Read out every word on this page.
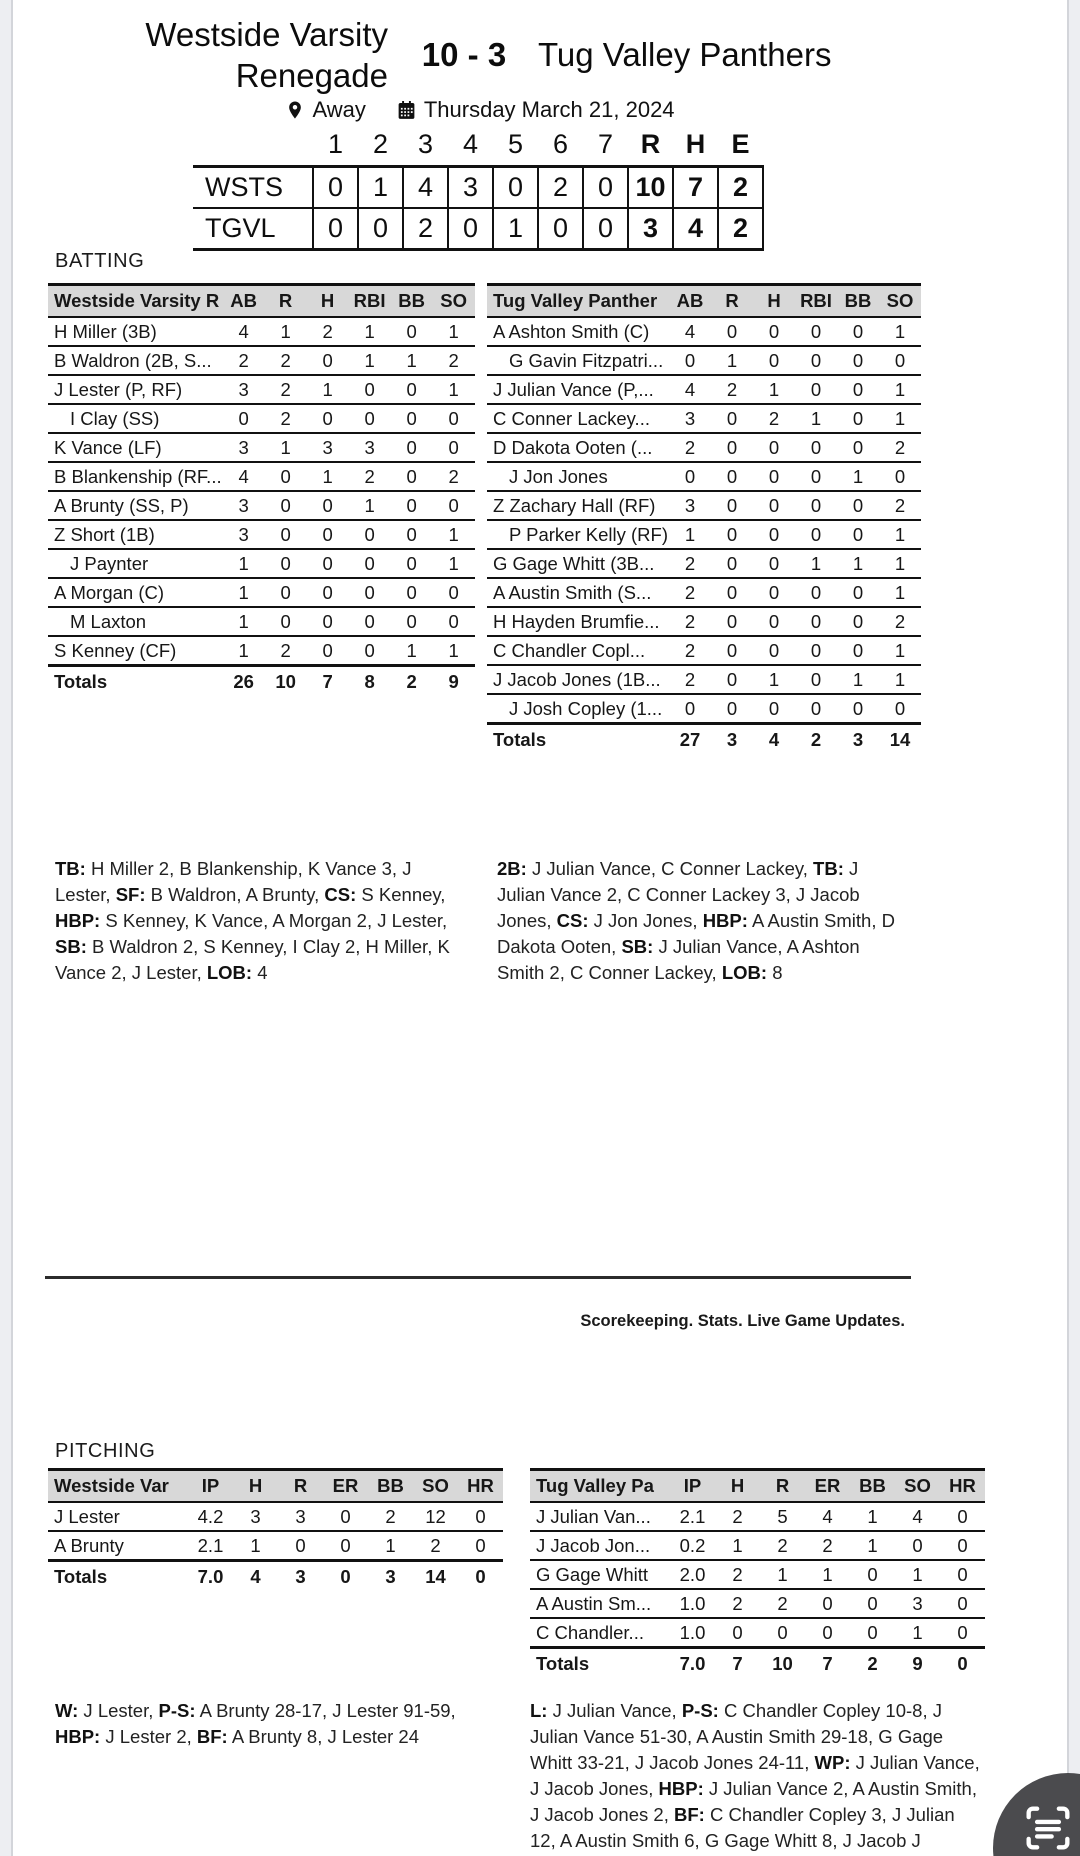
Westside Varsity Renegade
10 - 3 Tug Valley Panthers
Away	Thursday March 21, 2024
	1	2	3	4	5	6	7	R	H	E
WSTS	0	1	4	3	0	2	0	10	7	2
TGVL	0	0	2	0	1	0	0	3	4	2
BATTING
Westside Varsity R	AB	R	H	RBI	BB	SO
H Miller (3B)	4	1	2	1	0	1
B Waldron (2B, S...	2	2	0	1	1	2
J Lester (P, RF)	3	2	1	0	0	1
I Clay (SS)	0	2	0	0	0	0
K Vance (LF)	3	1	3	3	0	0
B Blankenship (RF...	4	0	1	2	0	2
A Brunty (SS, P)	3	0	0	1	0	0
Z Short (1B)	3	0	0	0	0	1
J Paynter	1	0	0	0	0	1
A Morgan (C)	1	0	0	0	0	0
M Laxton	1	0	0	0	0	0
S Kenney (CF)	1	2	0	0	1	1
Totals	26	10	7	8	2	9
Tug Valley Panther	AB	R	H	RBI	BB	SO
A Ashton Smith (C)	4	0	0	0	0	1
G Gavin Fitzpatri...	0	1	0	0	0	0
J Julian Vance (P,...	4	2	1	0	0	1
C Conner Lackey...	3	0	2	1	0	1
D Dakota Ooten (...	2	0	0	0	0	2
J Jon Jones	0	0	0	0	1	0
Z Zachary Hall (RF)	3	0	0	0	0	2
P Parker Kelly (RF)	1	0	0	0	0	1
G Gage Whitt (3B...	2	0	0	1	1	1
A Austin Smith (S...	2	0	0	0	0	1
H Hayden Brumfie...	2	0	0	0	0	2
C Chandler Copl...	2	0	0	0	0	1
J Jacob Jones (1B...	2	0	1	0	1	1
J Josh Copley (1...	0	0	0	0	0	0
Totals	27	3	4	2	3	14

TB: H Miller 2, B Blankenship, K Vance 3, J Lester, SF: B Waldron, A Brunty, CS: S Kenney, HBP: S Kenney, K Vance, A Morgan 2, J Lester, SB: B Waldron 2, S Kenney, I Clay 2, H Miller, K Vance 2, J Lester, LOB: 4

2B: J Julian Vance, C Conner Lackey, TB: J Julian Vance 2, C Conner Lackey 3, J Jacob Jones, CS: J Jon Jones, HBP: A Austin Smith, D Dakota Ooten, SB: J Julian Vance, A Ashton Smith 2, C Conner Lackey, LOB: 8

Scorekeeping. Stats. Live Game Updates.
PITCHING
Westside Var	IP	H	R	ER	BB	SO	HR
J Lester	4.2	3	3	0	2	12	0
A Brunty	2.1	1	0	0	1	2	0
Totals	7.0	4	3	0	3	14	0
Tug Valley Pa	IP	H	R	ER	BB	SO	HR
J Julian Van...	2.1	2	5	4	1	4	0
J Jacob Jon...	0.2	1	2	2	1	0	0
G Gage Whitt	2.0	2	1	1	0	1	0
A Austin Sm...	1.0	2	2	0	0	3	0
C Chandler...	1.0	0	0	0	0	1	0
Totals	7.0	7	10	7	2	9	0

W: J Lester, P-S: A Brunty 28-17, J Lester 91-59, HBP: J Lester 2, BF: A Brunty 8, J Lester 24

L: J Julian Vance, P-S: C Chandler Copley 10-8, J Julian Vance 51-30, A Austin Smith 29-18, G Gage Whitt 33-21, J Jacob Jones 24-11, WP: J Julian Vance, J Jacob Jones, HBP: J Julian Vance 2, A Austin Smith, J Jacob Jones 2, BF: C Chandler Copley 3, J Julian 12, A Austin Smith 6, G Gage Whitt 8, J Jacob J
